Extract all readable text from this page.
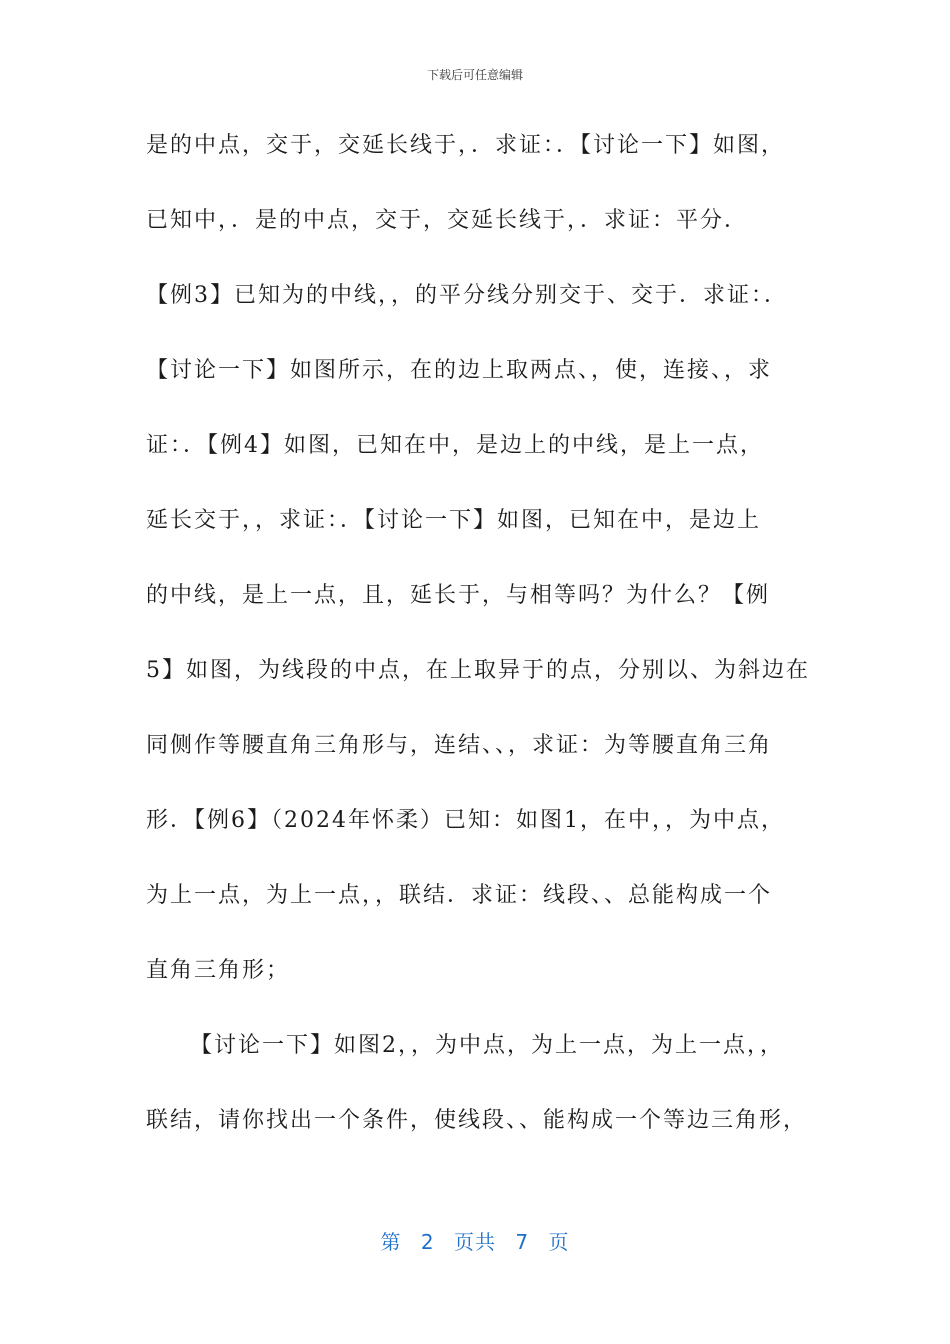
下载后可任意编辑
是的中点，交于，交延长线于，．求证：．【讨论一下】如图，
已知中，．是的中点，交于，交延长线于，．求证：平分．
【例3】已知为的中线，，的平分线分别交于、交于．求证：．
【讨论一下】如图所示，在的边上取两点、，使，连接、，求
证：．【例4】如图，已知在中，是边上的中线，是上一点，
延长交于，，求证：．【讨论一下】如图，已知在中，是边上
的中线，是上一点，且，延长于，与相等吗？为什么？【例
5】如图，为线段的中点，在上取异于的点，分别以、为斜边在
同侧作等腰直角三角形与，连结、、，求证：为等腰直角三角
形．【例6】（2024年怀柔）已知：如图1，在中，，为中点，
为上一点，为上一点，，联结．求证：线段、、总能构成一个
直角三角形；
【讨论一下】如图2，，为中点，为上一点，为上一点，，
联结，请你找出一个条件，使线段、、能构成一个等边三角形，
第 2 页共 7 页
